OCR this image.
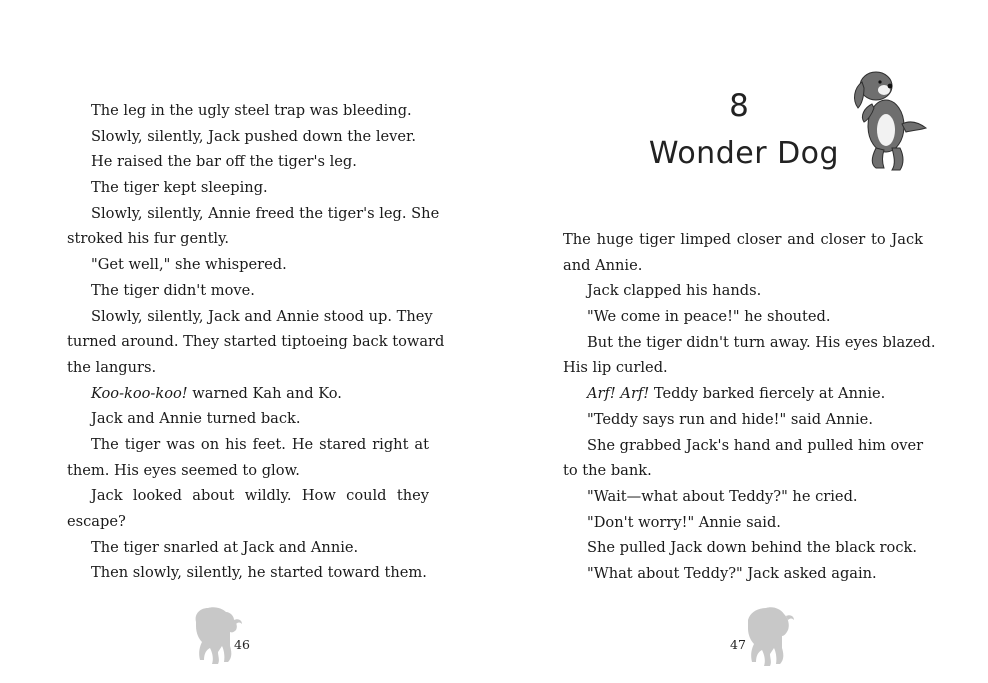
The leg in the ugly steel trap was bleeding.
Slowly, silently, Jack pushed down the lever.
He raised the bar off the tiger's leg.
The tiger kept sleeping.
Slowly, silently, Annie freed the tiger's leg. She
stroked his fur gently.
"Get well," she whispered.
The tiger didn't move.
Slowly, silently, Jack and Annie stood up. They
turned around. They started tiptoeing back toward
the langurs.
Koo-koo-koo! warned Kah and Ko.
Jack and Annie turned back.
The tiger was on his feet. He stared right at
them. His eyes seemed to glow.
Jack looked about wildly. How could they
escape?
The tiger snarled at Jack and Annie.
Then slowly, silently, he started toward them.
46
8
Wonder Dog
The huge tiger limped closer and closer to Jack
and Annie.
Jack clapped his hands.
"We come in peace!" he shouted.
But the tiger didn't turn away. His eyes blazed.
His lip curled.
Arf! Arf! Teddy barked fiercely at Annie.
"Teddy says run and hide!" said Annie.
She grabbed Jack's hand and pulled him over
to the bank.
"Wait—what about Teddy?" he cried.
"Don't worry!" Annie said.
She pulled Jack down behind the black rock.
"What about Teddy?" Jack asked again.
47
